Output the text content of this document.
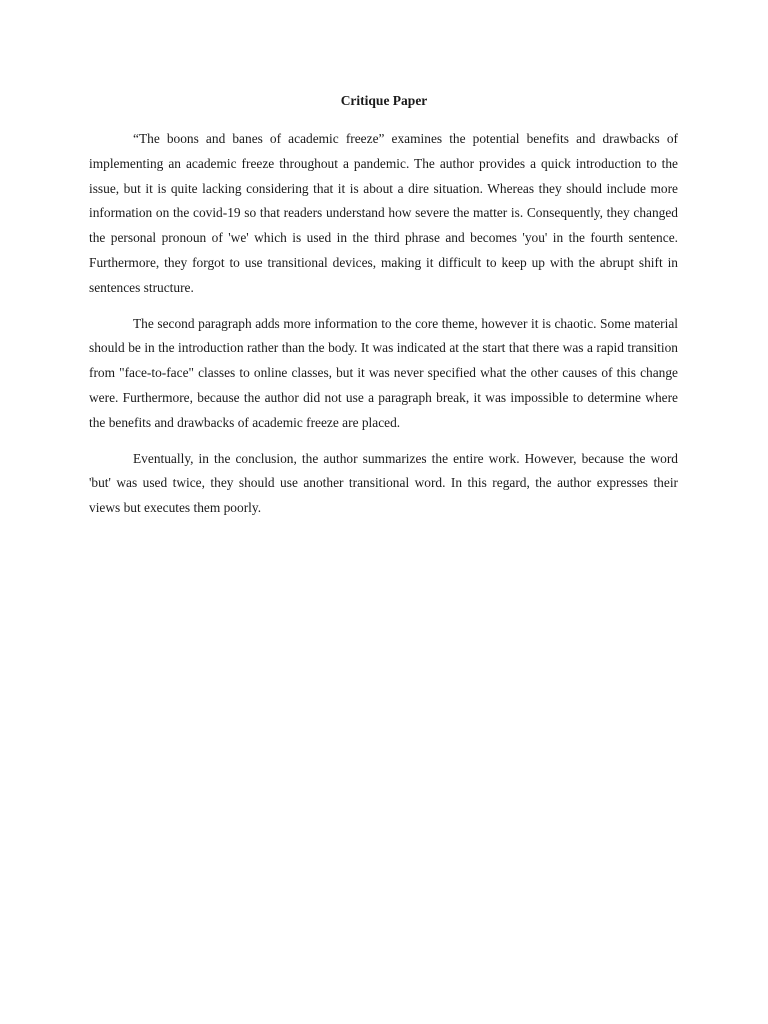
Critique Paper

“The boons and banes of academic freeze” examines the potential benefits and drawbacks of implementing an academic freeze throughout a pandemic. The author provides a quick introduction to the issue, but it is quite lacking considering that it is about a dire situation. Whereas they should include more information on the covid-19 so that readers understand how severe the matter is. Consequently, they changed the personal pronoun of 'we' which is used in the third phrase and becomes 'you' in the fourth sentence. Furthermore, they forgot to use transitional devices, making it difficult to keep up with the abrupt shift in sentences structure.

The second paragraph adds more information to the core theme, however it is chaotic. Some material should be in the introduction rather than the body. It was indicated at the start that there was a rapid transition from "face-to-face" classes to online classes, but it was never specified what the other causes of this change were. Furthermore, because the author did not use a paragraph break, it was impossible to determine where the benefits and drawbacks of academic freeze are placed.

Eventually, in the conclusion, the author summarizes the entire work. However, because the word 'but' was used twice, they should use another transitional word. In this regard, the author expresses their views but executes them poorly.
